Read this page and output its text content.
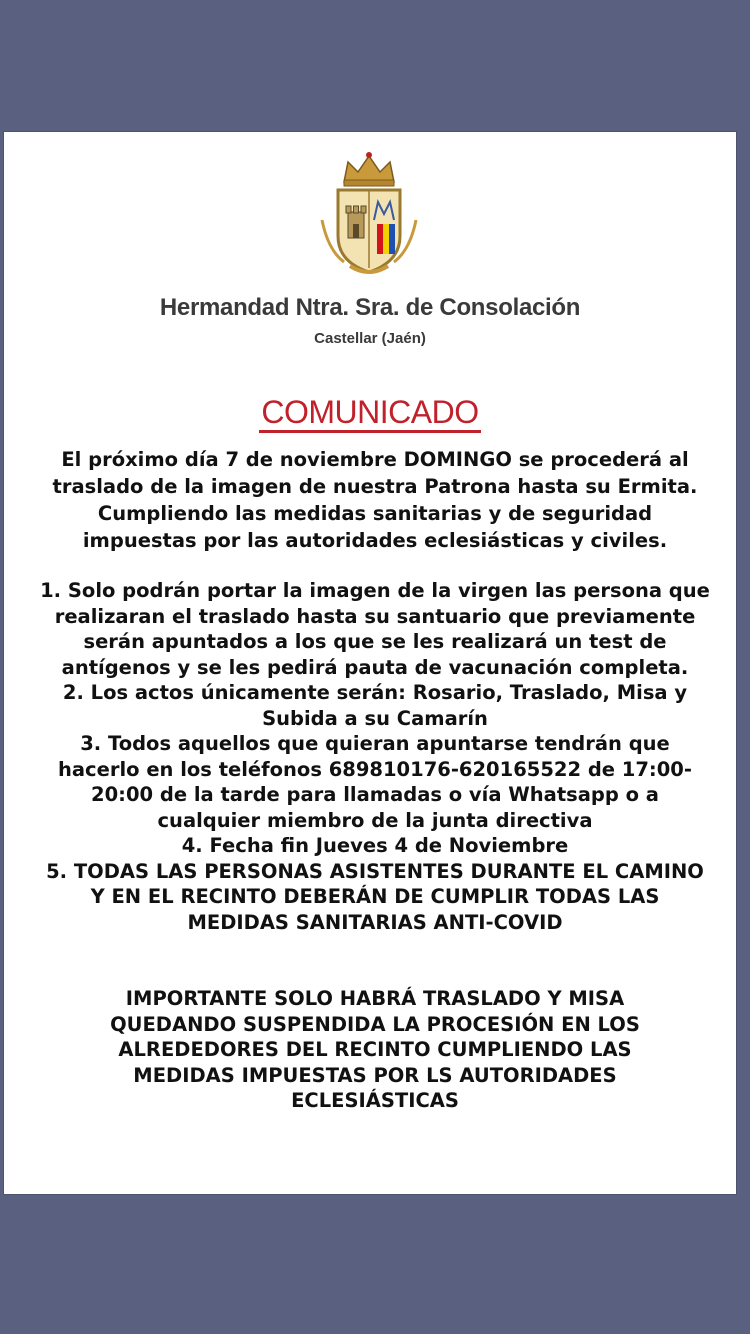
Hermandad Ntra. Sra. de Consolación
Castellar (Jaén)
COMUNICADO
El próximo día 7 de noviembre DOMINGO se procederá al traslado de la imagen de nuestra Patrona hasta su Ermita. Cumpliendo las medidas sanitarias y de seguridad impuestas por las autoridades eclesiásticas y civiles.

1. Solo podrán portar la imagen de la virgen las persona que realizaran el traslado hasta su santuario que previamente serán apuntados a los que se les realizará un test de antígenos y se les pedirá pauta de vacunación completa.

2. Los actos únicamente serán: Rosario, Traslado, Misa y Subida a su Camarín

3. Todos aquellos que quieran apuntarse tendrán que hacerlo en los teléfonos 689810176-620165522 de 17:00-20:00 de la tarde para llamadas o vía Whatsapp o a cualquier miembro de la junta directiva

4. Fecha fin Jueves 4 de Noviembre

5. TODAS LAS PERSONAS ASISTENTES DURANTE EL CAMINO Y EN EL RECINTO DEBERÁN DE CUMPLIR TODAS LAS MEDIDAS SANITARIAS ANTI-COVID

IMPORTANTE SOLO HABRÁ TRASLADO Y MISA QUEDANDO SUSPENDIDA LA PROCESIÓN EN LOS ALREDEDORES DEL RECINTO CUMPLIENDO LAS MEDIDAS IMPUESTAS POR LS AUTORIDADES ECLESIÁSTICAS
